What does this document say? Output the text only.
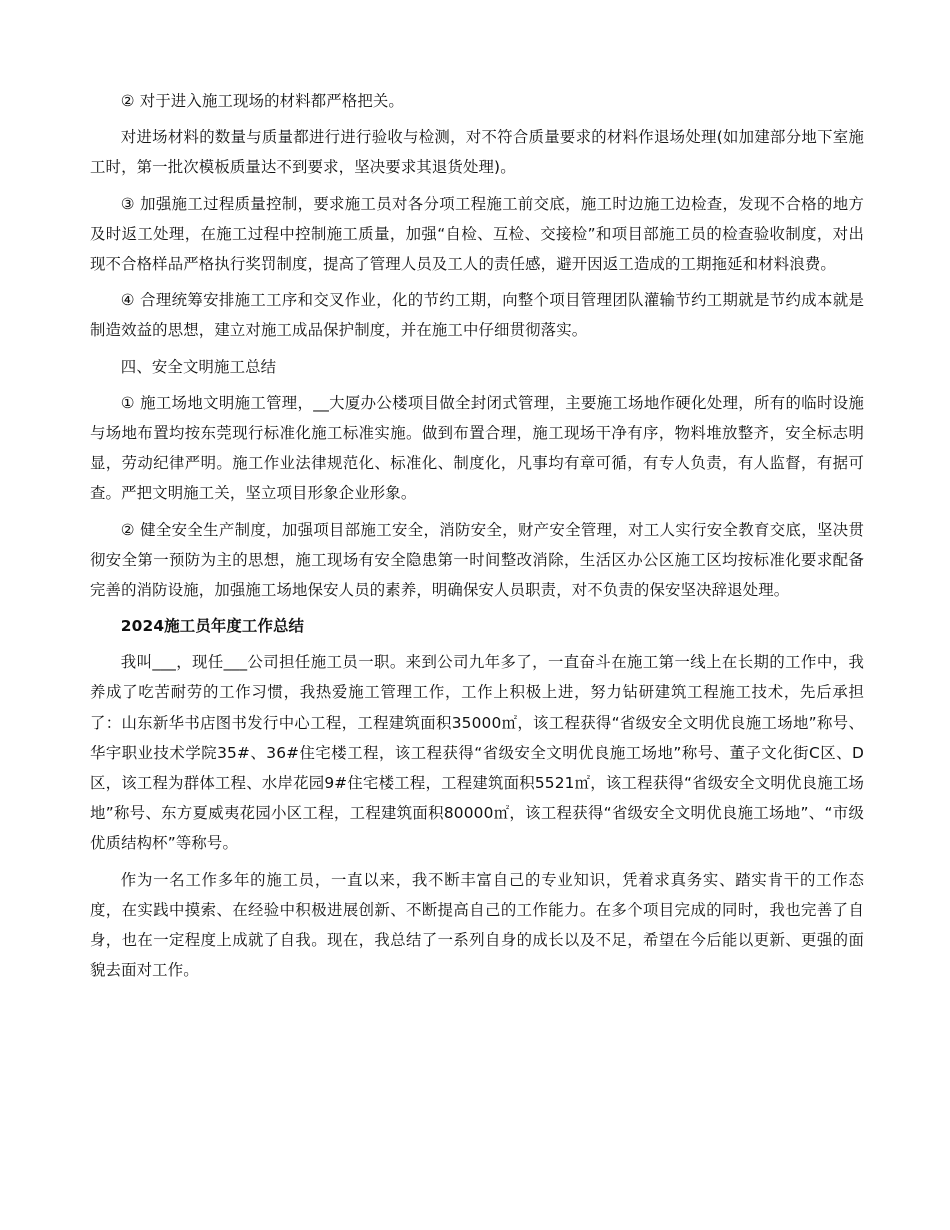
② 对于进入施工现场的材料都严格把关。

对进场材料的数量与质量都进行进行验收与检测，对不符合质量要求的材料作退场处理(如加建部分地下室施工时，第一批次模板质量达不到要求，坚决要求其退货处理)。

③ 加强施工过程质量控制，要求施工员对各分项工程施工前交底，施工时边施工边检查，发现不合格的地方及时返工处理，在施工过程中控制施工质量，加强“自检、互检、交接检”和项目部施工员的检查验收制度，对出现不合格样品严格执行奖罚制度，提高了管理人员及工人的责任感，避开因返工造成的工期拖延和材料浪费。

④ 合理统筹安排施工工序和交叉作业，化的节约工期，向整个项目管理团队灌输节约工期就是节约成本就是制造效益的思想，建立对施工成品保护制度，并在施工中仔细贯彻落实。

四、安全文明施工总结

① 施工场地文明施工管理，__大厦办公楼项目做全封闭式管理，主要施工场地作硬化处理，所有的临时设施与场地布置均按东莞现行标准化施工标准实施。做到布置合理，施工现场干净有序，物料堆放整齐，安全标志明显，劳动纪律严明。施工作业法律规范化、标准化、制度化，凡事均有章可循，有专人负责，有人监督，有据可查。严把文明施工关，坚立项目形象企业形象。

② 健全安全生产制度，加强项目部施工安全，消防安全，财产安全管理，对工人实行安全教育交底，坚决贯彻安全第一预防为主的思想，施工现场有安全隐患第一时间整改消除，生活区办公区施工区均按标准化要求配备完善的消防设施，加强施工场地保安人员的素养，明确保安人员职责，对不负责的保安坚决辞退处理。

2024施工员年度工作总结

我叫___，现任___公司担任施工员一职。来到公司九年多了，一直奋斗在施工第一线上在长期的工作中，我养成了吃苦耐劳的工作习惯，我热爱施工管理工作，工作上积极上进，努力钻研建筑工程施工技术，先后承担了：山东新华书店图书发行中心工程，工程建筑面积35000㎡，该工程获得“省级安全文明优良施工场地”称号、华宇职业技术学院35#、36#住宅楼工程，该工程获得“省级安全文明优良施工场地”称号、董子文化街C区、D区，该工程为群体工程、水岸花园9#住宅楼工程，工程建筑面积5521㎡，该工程获得“省级安全文明优良施工场地”称号、东方夏威夷花园小区工程，工程建筑面积80000㎡，该工程获得“省级安全文明优良施工场地”、“市级优质结构杯”等称号。

作为一名工作多年的施工员，一直以来，我不断丰富自己的专业知识，凭着求真务实、踏实肯干的工作态度，在实践中摸索、在经验中积极进展创新、不断提高自己的工作能力。在多个项目完成的同时，我也完善了自身，也在一定程度上成就了自我。现在，我总结了一系列自身的成长以及不足，希望在今后能以更新、更强的面貌去面对工作。
